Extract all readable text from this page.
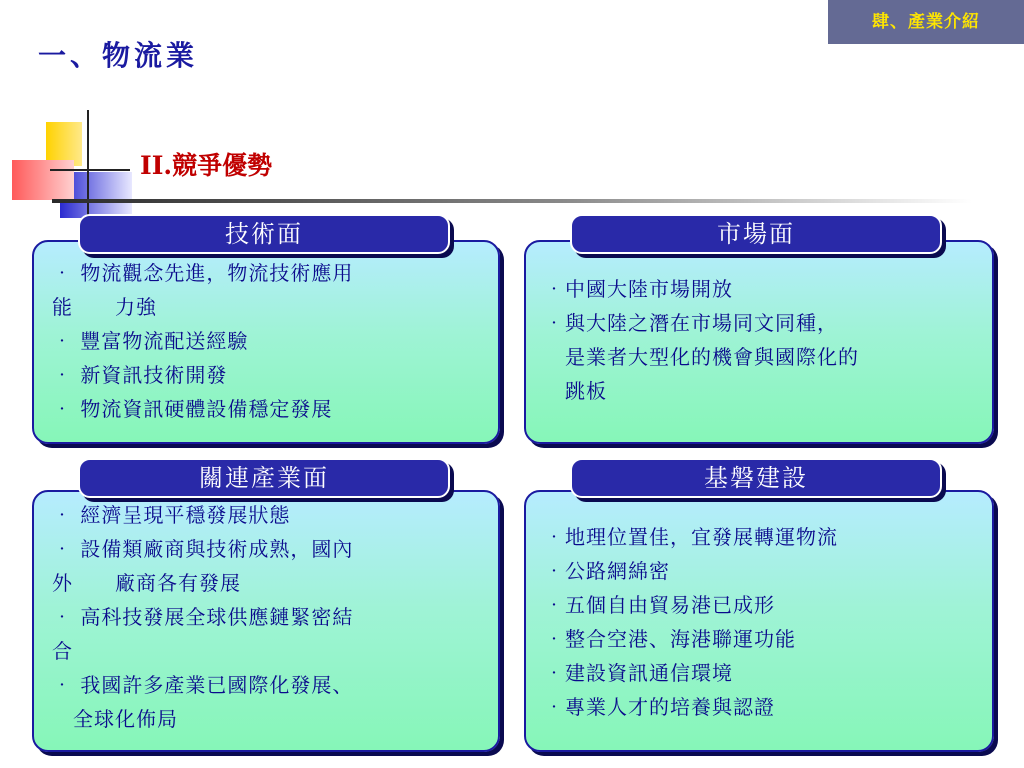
肆、產業介紹
一、物流業
II.競爭優勢
技術面
‧ 物流觀念先進，物流技術應用
能　　力強
‧ 豐富物流配送經驗
‧ 新資訊技術開發
‧ 物流資訊硬體設備穩定發展
市場面
‧中國大陸市場開放
‧與大陸之潛在市場同文同種，
　是業者大型化的機會與國際化的
　跳板
‧ 經濟呈現平穩發展狀態
‧ 設備類廠商與技術成熟，國內
外　　廠商各有發展
‧ 高科技發展全球供應鏈緊密結
合
‧ 我國許多產業已國際化發展、
　全球化佈局
關連產業面	基磐建設
‧地理位置佳，宜發展轉運物流
‧公路網綿密
‧五個自由貿易港已成形
‧整合空港、海港聯運功能
‧建設資訊通信環境
‧專業人才的培養與認證
